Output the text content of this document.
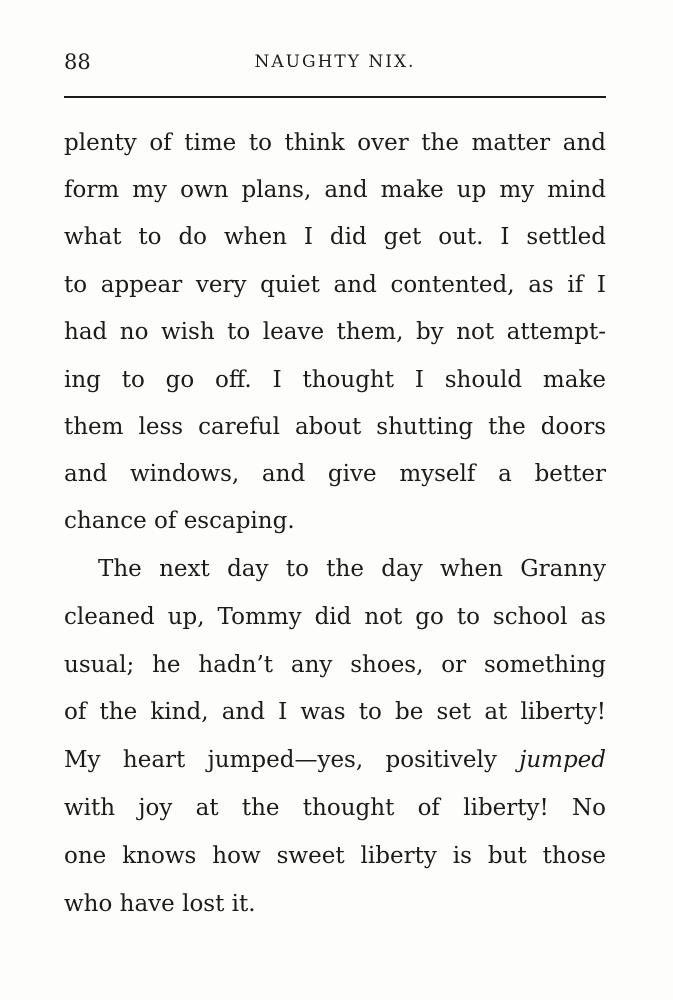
88	NAUGHTY NIX.
plenty of time to think over the matter and
form my own plans, and make up my mind
what to do when I did get out. I settled
to appear very quiet and contented, as if I
had no wish to leave them, by not attempt-
ing to go off. I thought I should make
them less careful about shutting the doors
and windows, and give myself a better
chance of escaping.
The next day to the day when Granny
cleaned up, Tommy did not go to school as
usual; he hadn’t any shoes, or something
of the kind, and I was to be set at liberty!
My heart jumped—yes, positively jumped
with joy at the thought of liberty! No
one knows how sweet liberty is but those
who have lost it.
